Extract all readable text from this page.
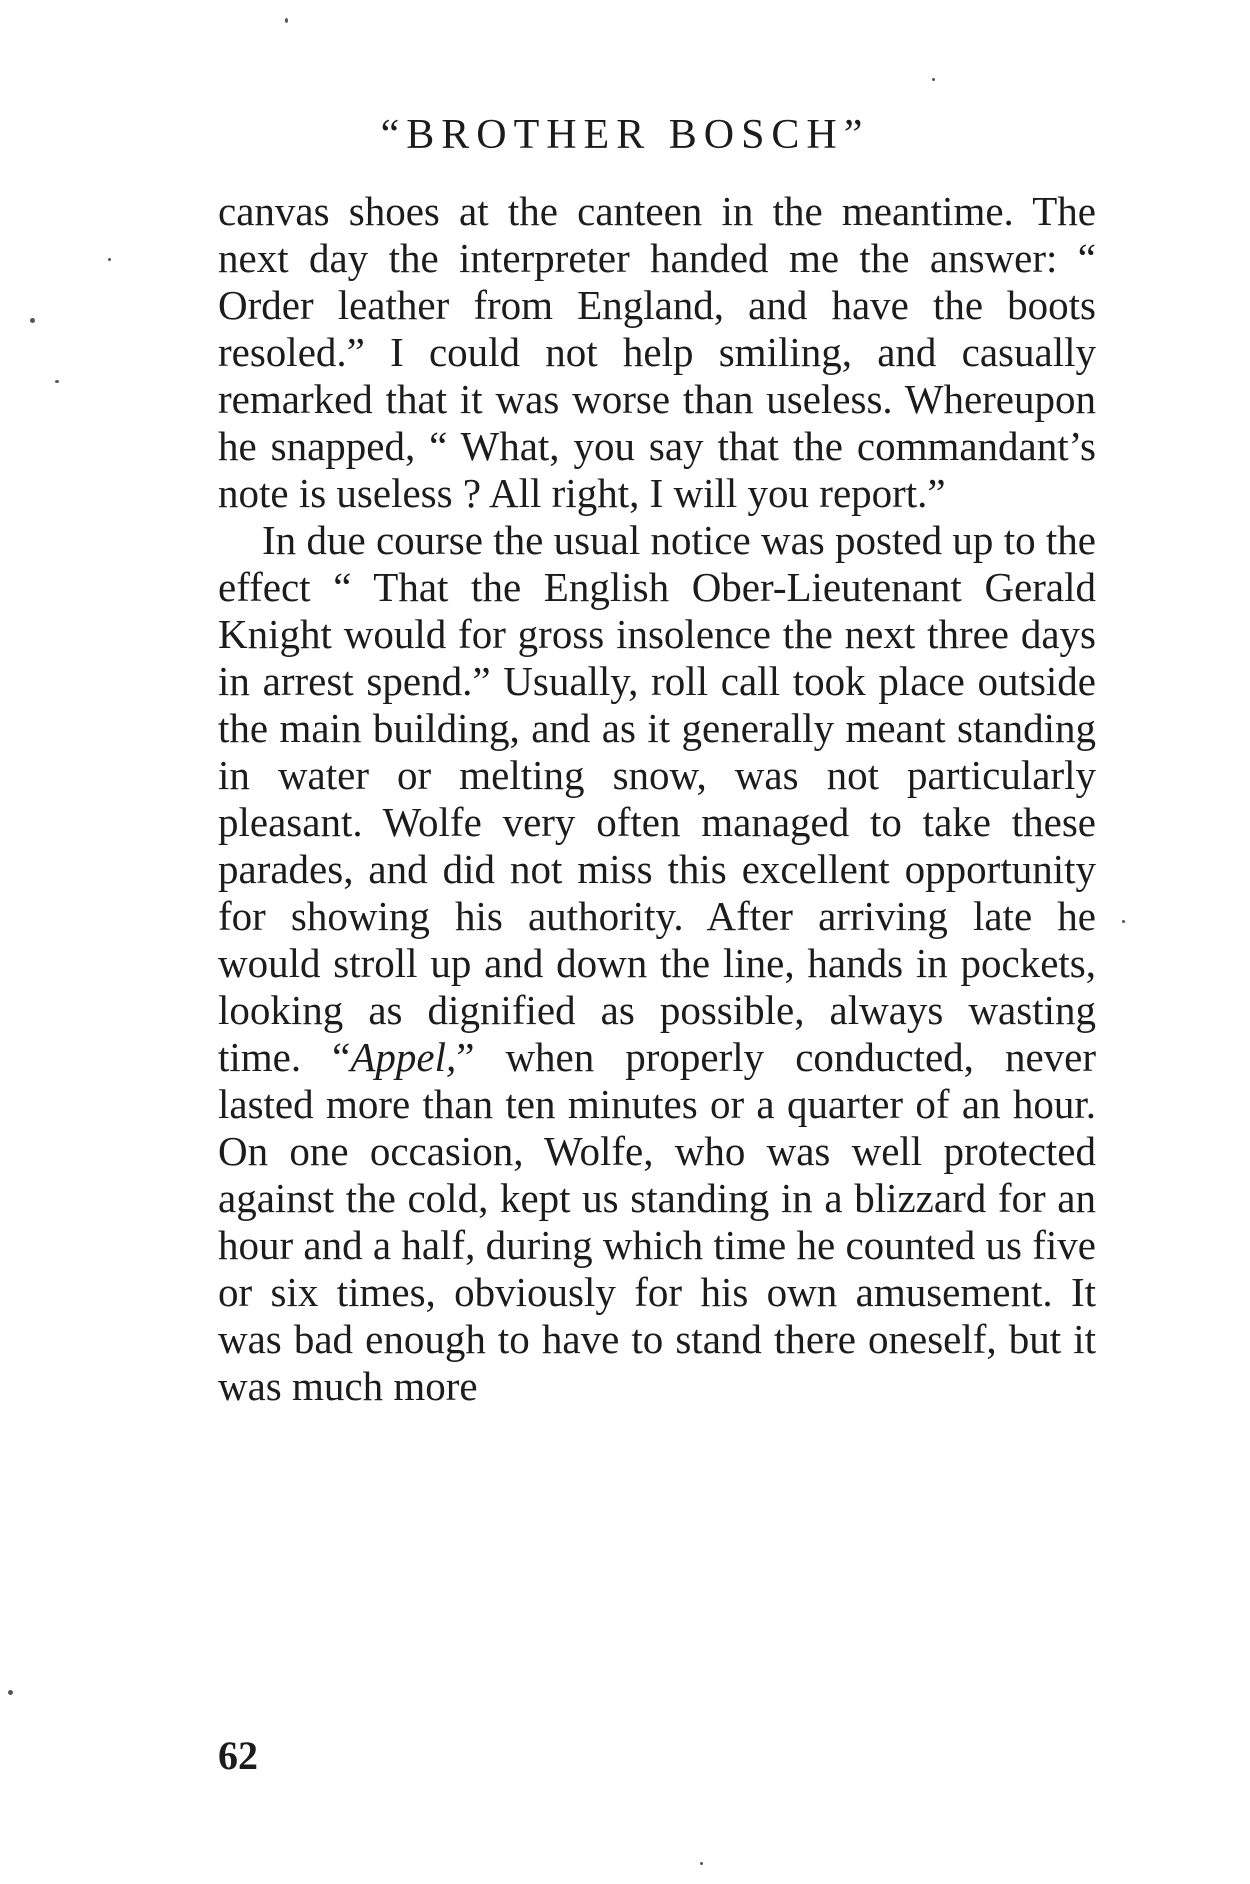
“BROTHER BOSCH”

canvas shoes at the canteen in the meantime. The next day the interpreter handed me the answer: “ Order leather from England, and have the boots resoled.” I could not help smiling, and casually remarked that it was worse than useless. Whereupon he snapped, “ What, you say that the commandant’s note is useless ? All right, I will you report.”

In due course the usual notice was posted up to the effect “ That the English Ober-Lieutenant Gerald Knight would for gross insolence the next three days in arrest spend.” Usually, roll call took place outside the main building, and as it generally meant standing in water or melting snow, was not particularly pleasant. Wolfe very often managed to take these parades, and did not miss this excellent opportunity for showing his authority. After arriving late he would stroll up and down the line, hands in pockets, looking as dignified as possible, always wasting time. “Appel,” when properly conducted, never lasted more than ten minutes or a quarter of an hour. On one occasion, Wolfe, who was well protected against the cold, kept us standing in a blizzard for an hour and a half, during which time he counted us five or six times, obviously for his own amusement. It was bad enough to have to stand there oneself, but it was much more

62
